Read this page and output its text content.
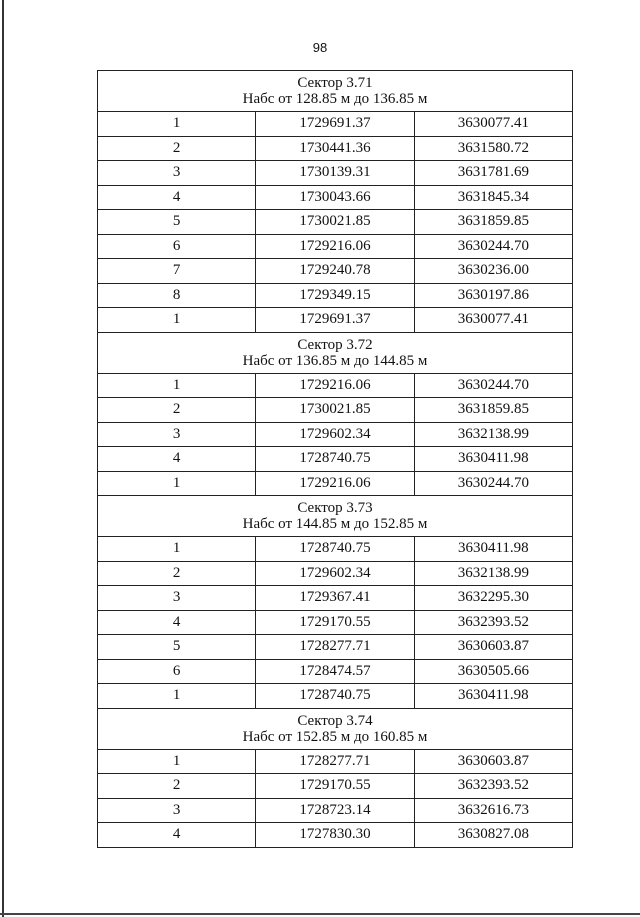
98
Сектор 3.71
Набс от 128.85 м до 136.85 м		

1	1729691.37	3630077.41
2	1730441.36	3631580.72
3	1730139.31	3631781.69
4	1730043.66	3631845.34
5	1730021.85	3631859.85
6	1729216.06	3630244.70
7	1729240.78	3630236.00
8	1729349.15	3630197.86
1	1729691.37	3630077.41

Сектор 3.72
Набс от 136.85 м до 144.85 м		

1	1729216.06	3630244.70
2	1730021.85	3631859.85
3	1729602.34	3632138.99
4	1728740.75	3630411.98
1	1729216.06	3630244.70

Сектор 3.73
Набс от 144.85 м до 152.85 м		

1	1728740.75	3630411.98
2	1729602.34	3632138.99
3	1729367.41	3632295.30
4	1729170.55	3632393.52
5	1728277.71	3630603.87
6	1728474.57	3630505.66
1	1728740.75	3630411.98

Сектор 3.74
Набс от 152.85 м до 160.85 м		

1	1728277.71	3630603.87
2	1729170.55	3632393.52
3	1728723.14	3632616.73
4	1727830.30	3630827.08
